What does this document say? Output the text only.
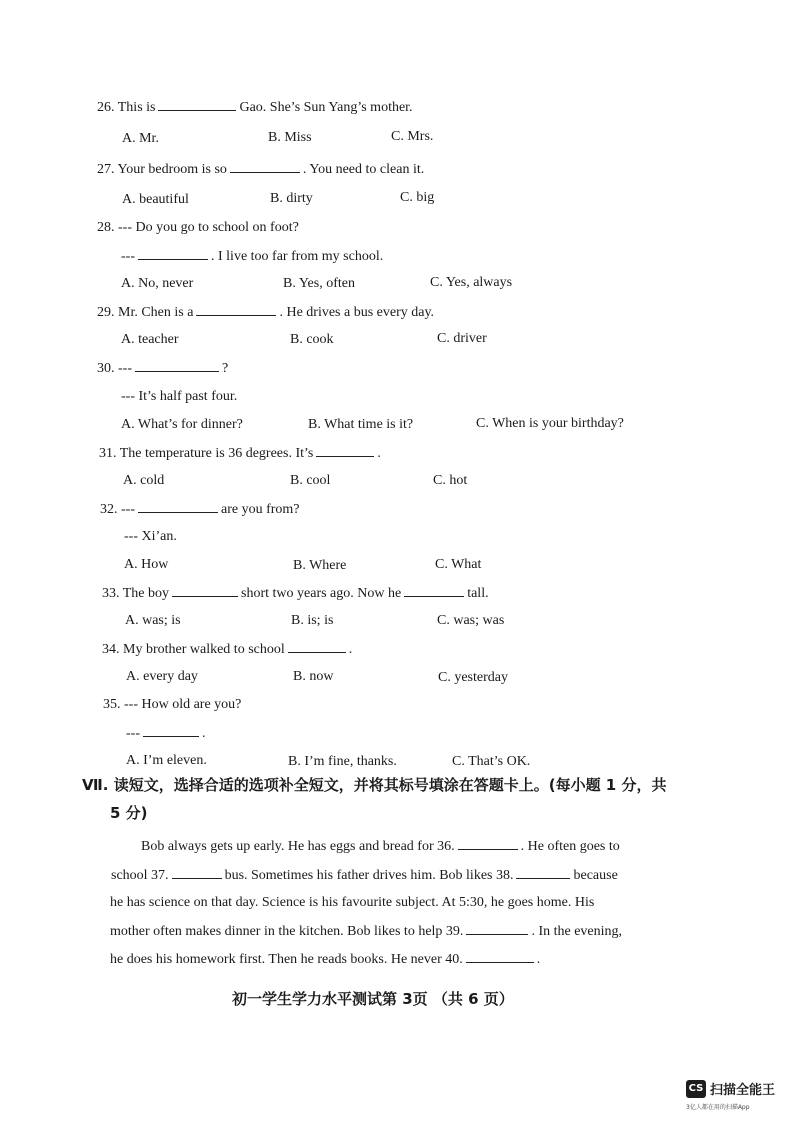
26. This is	Gao. She’s Sun Yang’s mother.
A. Mr.	B. Miss	C. Mrs.
27. Your bedroom is so	. You need to clean it.
A. beautiful	B. dirty	C. big
28. --- Do you go to school on foot?
---	. I live too far from my school.
A. No, never	B. Yes, often	C. Yes, always
29. Mr. Chen is a	. He drives a bus every day.
A. teacher	B. cook	C. driver
30. ---	?
--- It’s half past four.
A. What’s for dinner?	B. What time is it?	C. When is your birthday?
31. The temperature is 36 degrees. It’s	.
A. cold	B. cool	C. hot
32. ---	are you from?
--- Xi’an.
A. How	B. Where	C. What
33. The boy	short two years ago. Now he	tall.
A. was; is	B. is; is	C. was; was
34. My brother walked to school	.
A. every day	B. now	C. yesterday
35. --- How old are you?
---	.
A. I’m eleven.	B. I’m fine, thanks.	C. That’s OK.
Ⅶ. 读短文，选择合适的选项补全短文，并将其标号填涂在答题卡上。(每小题 1 分，共
5 分)
Bob always gets up early. He has eggs and bread for 36.	. He often goes to
school 37.	bus. Sometimes his father drives him. Bob likes 38.	because
he has science on that day. Science is his favourite subject. At 5:30, he goes home. His
mother often makes dinner in the kitchen. Bob likes to help 39.	. In the evening,
he does his homework first. Then he reads books. He never 40.	.
初一学生学力水平测试第 3页 （共 6 页）
CS 扫描全能王
3亿人都在用的扫描App
